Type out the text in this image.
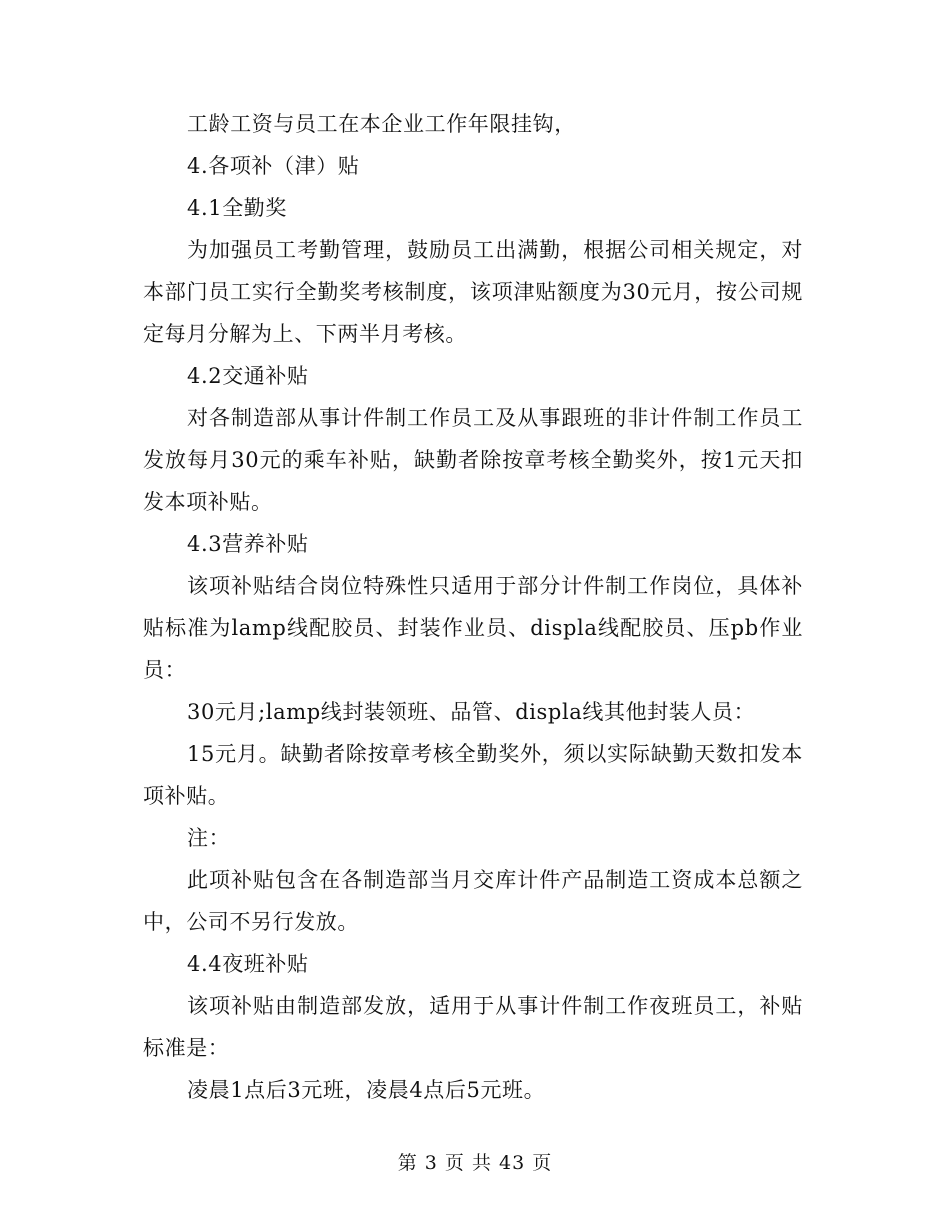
工龄工资与员工在本企业工作年限挂钩，

4.各项补（津）贴

4.1全勤奖

为加强员工考勤管理，鼓励员工出满勤，根据公司相关规定，对本部门员工实行全勤奖考核制度，该项津贴额度为30元月，按公司规定每月分解为上、下两半月考核。

4.2交通补贴

对各制造部从事计件制工作员工及从事跟班的非计件制工作员工发放每月30元的乘车补贴，缺勤者除按章考核全勤奖外，按1元天扣发本项补贴。

4.3营养补贴

该项补贴结合岗位特殊性只适用于部分计件制工作岗位，具体补贴标准为lamp线配胶员、封装作业员、displa线配胶员、压pb作业员：

30元月;lamp线封装领班、品管、displa线其他封装人员：

15元月。缺勤者除按章考核全勤奖外，须以实际缺勤天数扣发本项补贴。

注：

此项补贴包含在各制造部当月交库计件产品制造工资成本总额之中，公司不另行发放。

4.4夜班补贴

该项补贴由制造部发放，适用于从事计件制工作夜班员工，补贴标准是：

凌晨1点后3元班，凌晨4点后5元班。

第 3 页 共 43 页
